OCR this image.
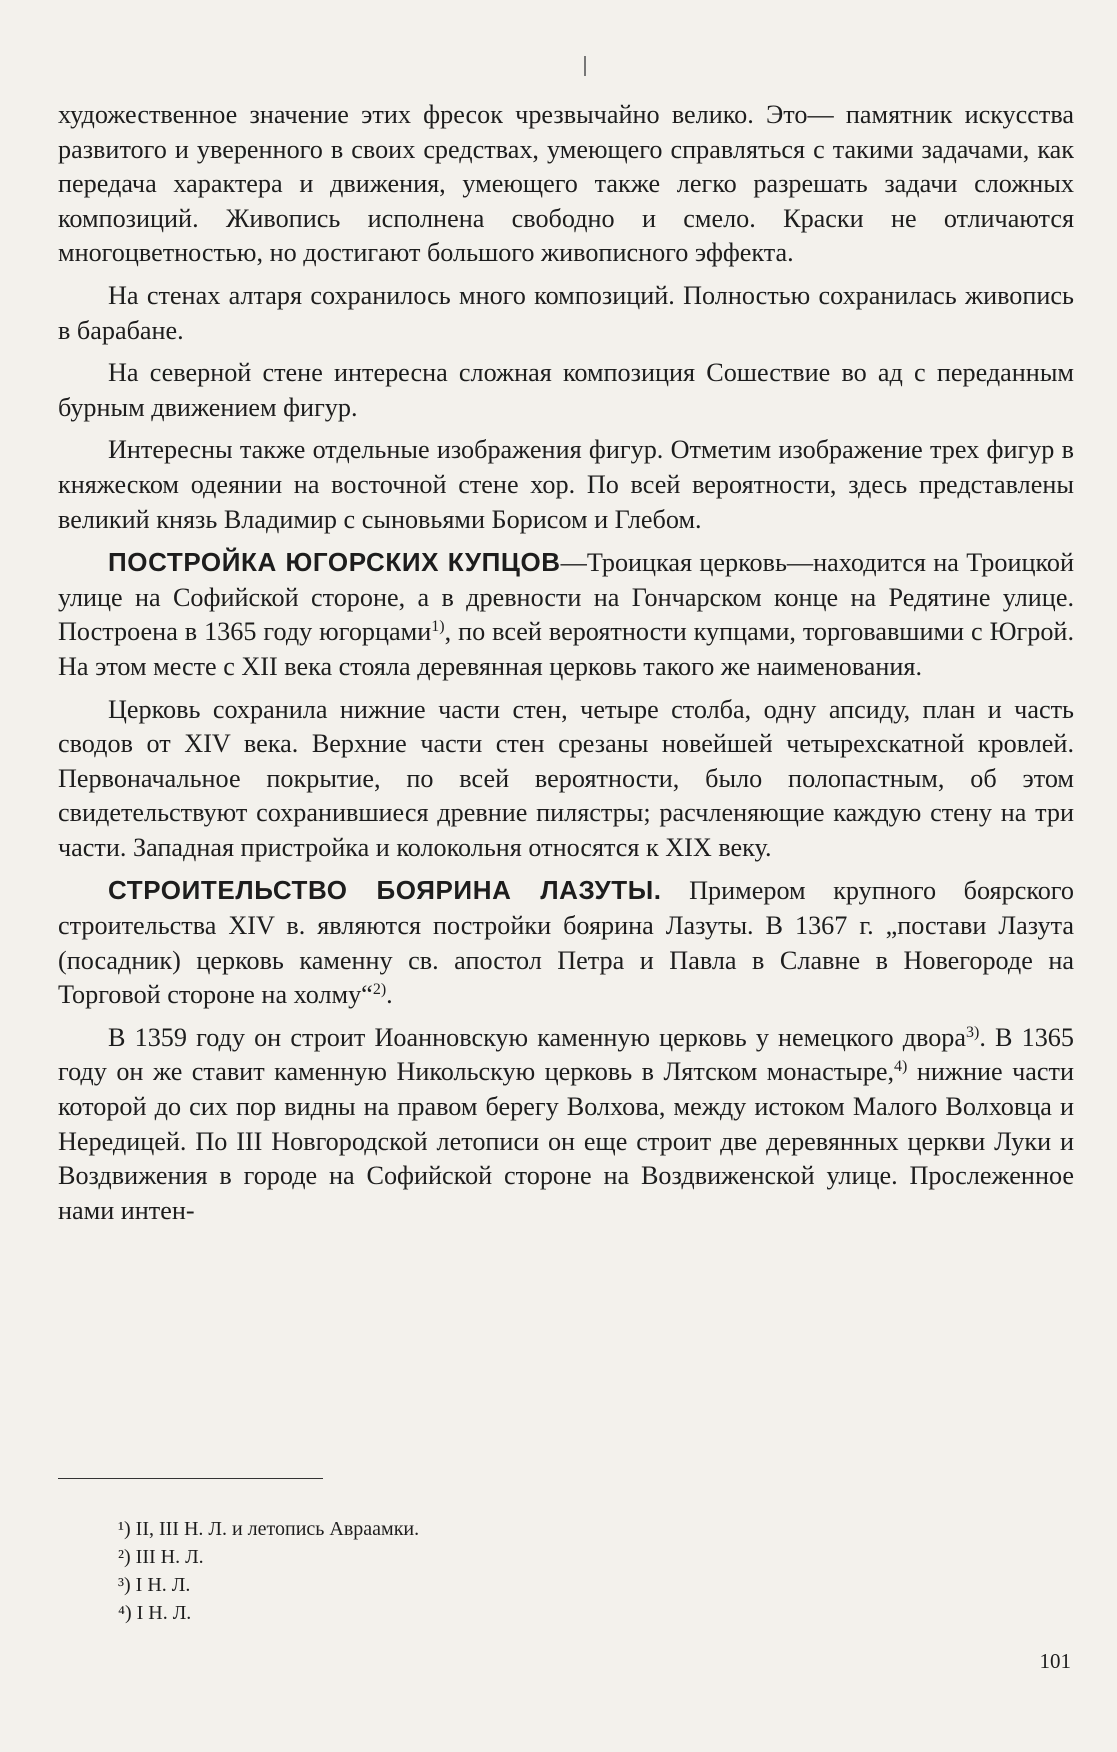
художественное значение этих фресок чрезвычайно велико. Это— памятник искусства развитого и уверенного в своих средствах, умеющего справляться с такими задачами, как передача характера и движения, умеющего также легко разрешать задачи сложных композиций. Живопись исполнена свободно и смело. Краски не отличаются многоцветностью, но достигают большого живописного эффекта.

На стенах алтаря сохранилось много композиций. Полностью сохранилась живопись в барабане.

На северной стене интересна сложная композиция Сошествие во ад с переданным бурным движением фигур.

Интересны также отдельные изображения фигур. Отметим изображение трех фигур в княжеском одеянии на восточной стене хор. По всей вероятности, здесь представлены великий князь Владимир с сыновьями Борисом и Глебом.

ПОСТРОЙКА ЮГОРСКИХ КУПЦОВ—Троицкая церковь—находится на Троицкой улице на Софийской стороне, а в древности на Гончарском конце на Редятине улице. Построена в 1365 году югорцами$^{1)}$, по всей вероятности купцами, торговавшими с Югрой. На этом месте с XII века стояла деревянная церковь такого же наименования.

Церковь сохранила нижние части стен, четыре столба, одну апсиду, план и часть сводов от XIV века. Верхние части стен срезаны новейшей четырехскатной кровлей. Первоначальное покрытие, по всей вероятности, было полопастным, об этом свидетельствуют сохранившиеся древние пилястры; расчленяющие каждую стену на три части. Западная пристройка и колокольня относятся к XIX веку.

СТРОИТЕЛЬСТВО БОЯРИНА ЛАЗУТЫ. Примером крупного боярского строительства XIV в. являются постройки боярина Лазуты. В 1367 г. „постави Лазута (посадник) церковь каменну св. апостол Петра и Павла в Славне в Новегороде на Торговой стороне на холму“$^{2)}$.

В 1359 году он строит Иоанновскую каменную церковь у немецкого двора$^{3)}$. В 1365 году он же ставит каменную Никольскую церковь в Лятском монастыре,$^{4)}$ нижние части которой до сих пор видны на правом берегу Волхова, между истоком Малого Волховца и Нередицей. По III Новгородской летописи он еще строит две деревянных церкви Луки и Воздвижения в городе на Софийской стороне на Воздвиженской улице. Прослеженное нами интен-

¹) II, III Н. Л. и летопись Авраамки.

²) III Н. Л.

³) I Н. Л.

⁴) I Н. Л.

101
